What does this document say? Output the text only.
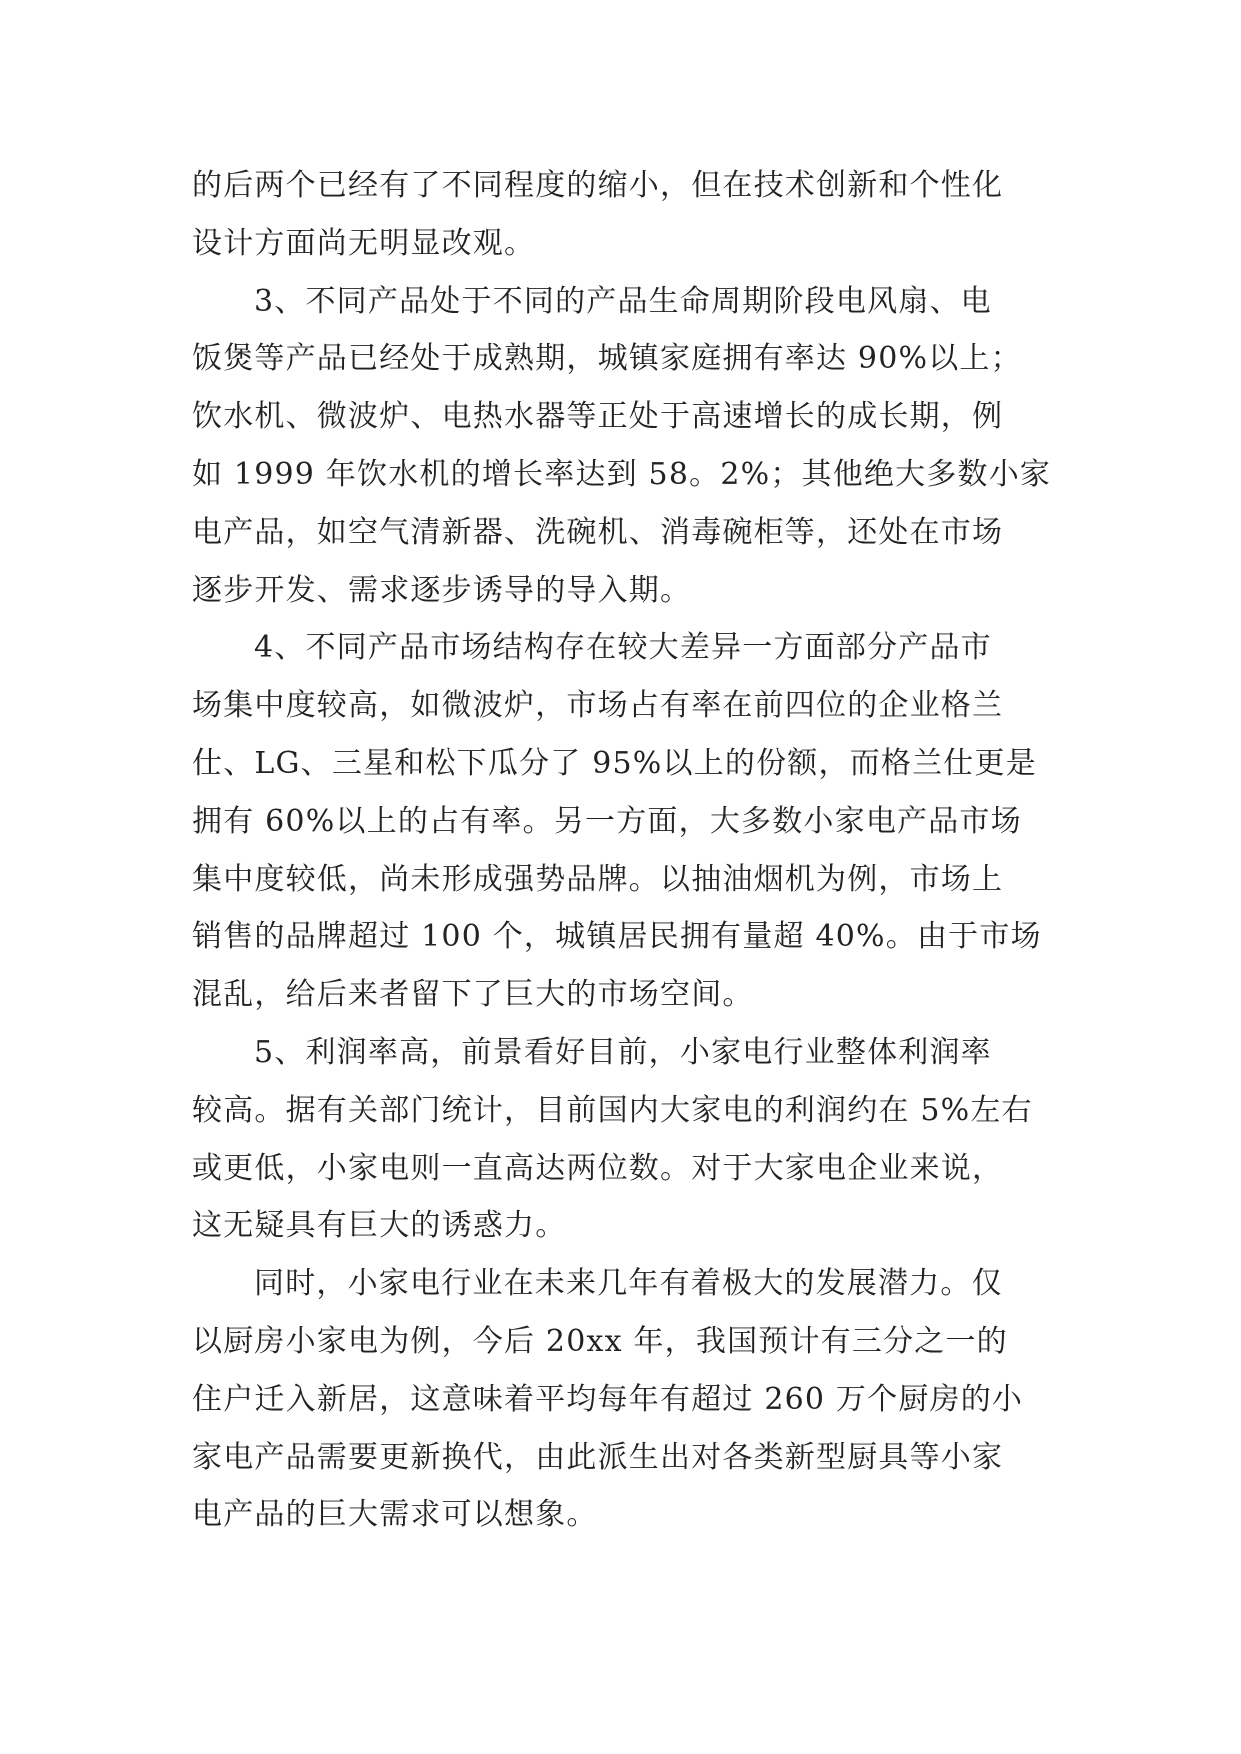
的后两个已经有了不同程度的缩小，但在技术创新和个性化
设计方面尚无明显改观。
3、不同产品处于不同的产品生命周期阶段电风扇、电
饭煲等产品已经处于成熟期，城镇家庭拥有率达 90%以上；
饮水机、微波炉、电热水器等正处于高速增长的成长期，例
如 1999 年饮水机的增长率达到 58。2%；其他绝大多数小家
电产品，如空气清新器、洗碗机、消毒碗柜等，还处在市场
逐步开发、需求逐步诱导的导入期。
4、不同产品市场结构存在较大差异一方面部分产品市
场集中度较高，如微波炉，市场占有率在前四位的企业格兰
仕、LG、三星和松下瓜分了 95%以上的份额，而格兰仕更是
拥有 60%以上的占有率。另一方面，大多数小家电产品市场
集中度较低，尚未形成强势品牌。以抽油烟机为例，市场上
销售的品牌超过 100 个，城镇居民拥有量超 40%。由于市场
混乱，给后来者留下了巨大的市场空间。
5、利润率高，前景看好目前，小家电行业整体利润率
较高。据有关部门统计，目前国内大家电的利润约在 5%左右
或更低，小家电则一直高达两位数。对于大家电企业来说，
这无疑具有巨大的诱惑力。
同时，小家电行业在未来几年有着极大的发展潜力。仅
以厨房小家电为例，今后 20xx 年，我国预计有三分之一的
住户迁入新居，这意味着平均每年有超过 260 万个厨房的小
家电产品需要更新换代，由此派生出对各类新型厨具等小家
电产品的巨大需求可以想象。
